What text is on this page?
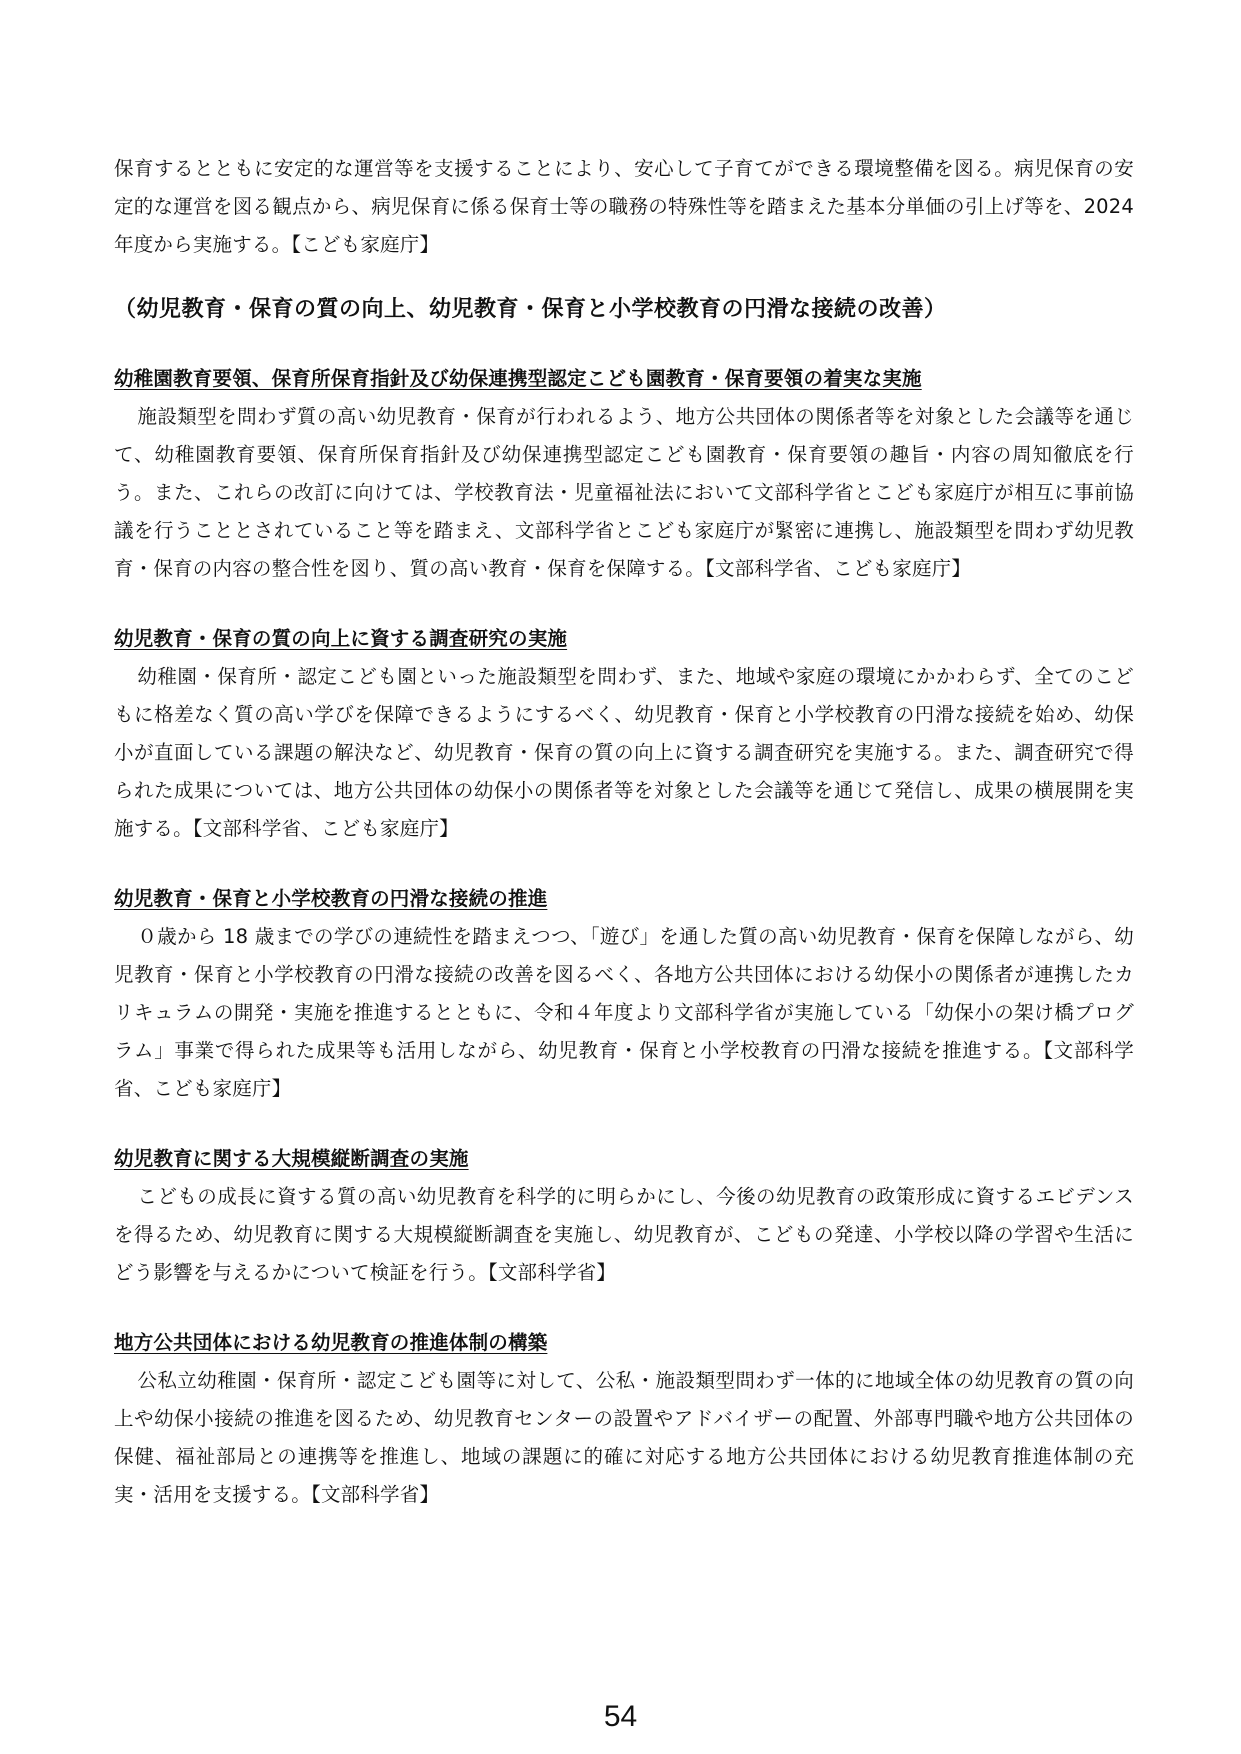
保育するとともに安定的な運営等を支援することにより、安心して子育てができる環境整備を図る。病児保育の安定的な運営を図る観点から、病児保育に係る保育士等の職務の特殊性等を踏まえた基本分単価の引上げ等を、2024 年度から実施する。【こども家庭庁】

（幼児教育・保育の質の向上、幼児教育・保育と小学校教育の円滑な接続の改善）
幼稚園教育要領、保育所保育指針及び幼保連携型認定こども園教育・保育要領の着実な実施

施設類型を問わず質の高い幼児教育・保育が行われるよう、地方公共団体の関係者等を対象とした会議等を通じて、幼稚園教育要領、保育所保育指針及び幼保連携型認定こども園教育・保育要領の趣旨・内容の周知徹底を行う。また、これらの改訂に向けては、学校教育法・児童福祉法において文部科学省とこども家庭庁が相互に事前協議を行うこととされていること等を踏まえ、文部科学省とこども家庭庁が緊密に連携し、施設類型を問わず幼児教育・保育の内容の整合性を図り、質の高い教育・保育を保障する。【文部科学省、こども家庭庁】

幼児教育・保育の質の向上に資する調査研究の実施

幼稚園・保育所・認定こども園といった施設類型を問わず、また、地域や家庭の環境にかかわらず、全てのこどもに格差なく質の高い学びを保障できるようにするべく、幼児教育・保育と小学校教育の円滑な接続を始め、幼保小が直面している課題の解決など、幼児教育・保育の質の向上に資する調査研究を実施する。また、調査研究で得られた成果については、地方公共団体の幼保小の関係者等を対象とした会議等を通じて発信し、成果の横展開を実施する。【文部科学省、こども家庭庁】

幼児教育・保育と小学校教育の円滑な接続の推進

０歳から 18 歳までの学びの連続性を踏まえつつ、「遊び」を通した質の高い幼児教育・保育を保障しながら、幼児教育・保育と小学校教育の円滑な接続の改善を図るべく、各地方公共団体における幼保小の関係者が連携したカリキュラムの開発・実施を推進するとともに、令和４年度より文部科学省が実施している「幼保小の架け橋プログラム」事業で得られた成果等も活用しながら、幼児教育・保育と小学校教育の円滑な接続を推進する。【文部科学省、こども家庭庁】

幼児教育に関する大規模縦断調査の実施

こどもの成長に資する質の高い幼児教育を科学的に明らかにし、今後の幼児教育の政策形成に資するエビデンスを得るため、幼児教育に関する大規模縦断調査を実施し、幼児教育が、こどもの発達、小学校以降の学習や生活にどう影響を与えるかについて検証を行う。【文部科学省】

地方公共団体における幼児教育の推進体制の構築

公私立幼稚園・保育所・認定こども園等に対して、公私・施設類型問わず一体的に地域全体の幼児教育の質の向上や幼保小接続の推進を図るため、幼児教育センターの設置やアドバイザーの配置、外部専門職や地方公共団体の保健、福祉部局との連携等を推進し、地域の課題に的確に対応する地方公共団体における幼児教育推進体制の充実・活用を支援する。【文部科学省】

54
